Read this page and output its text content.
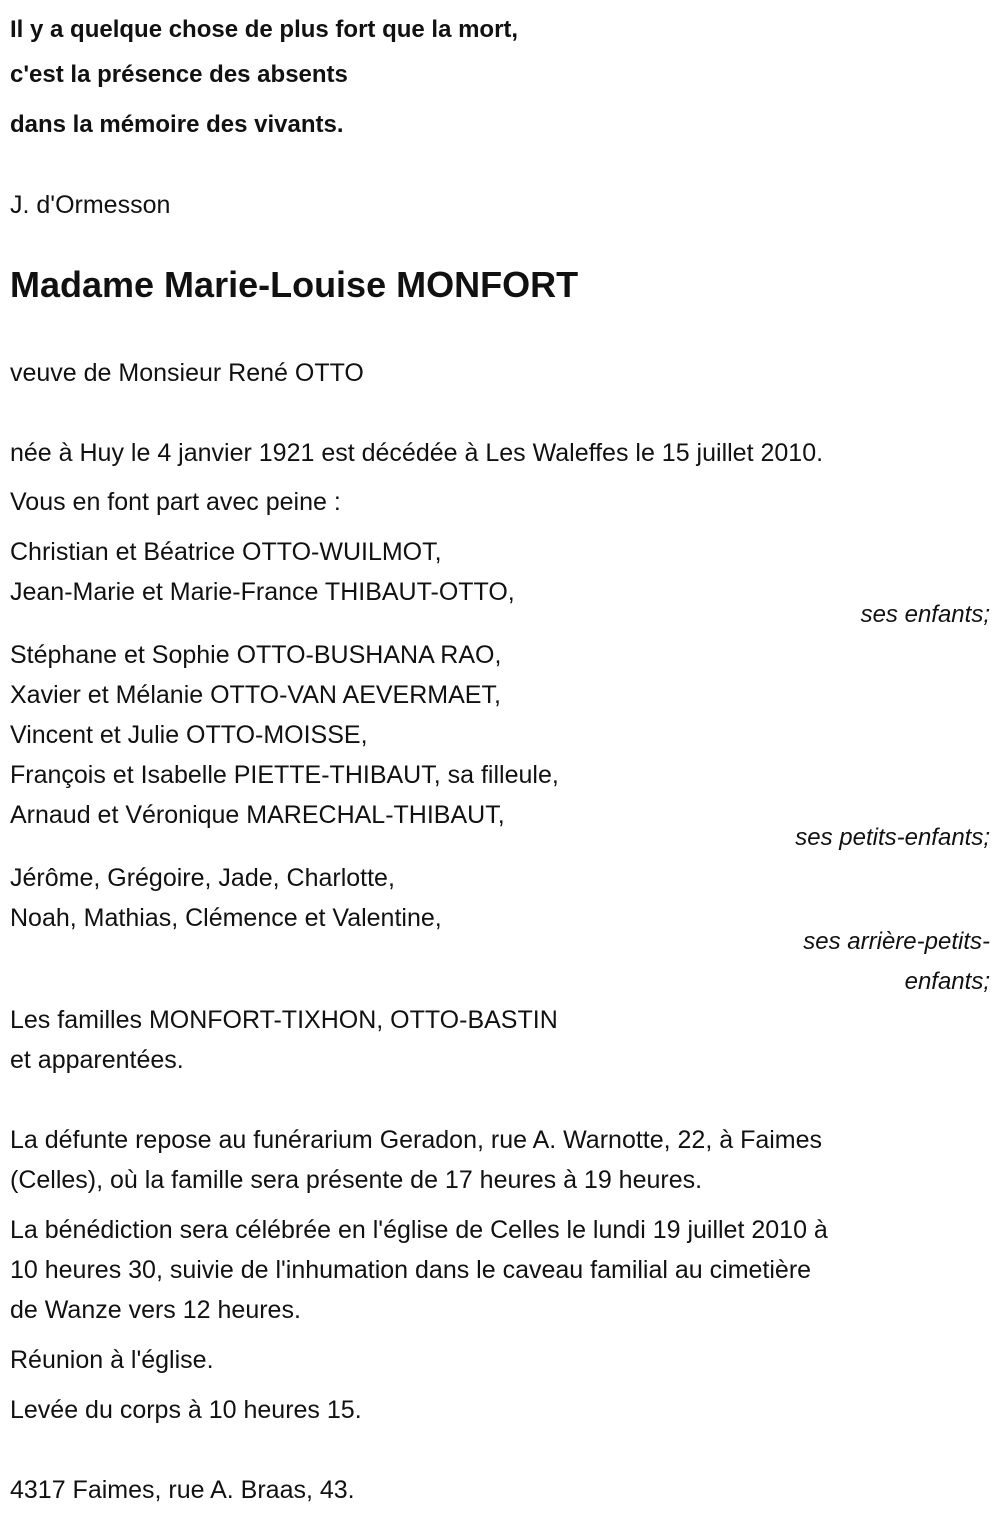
Il y a quelque chose de plus fort que la mort,
c'est la présence des absents
dans la mémoire des vivants.
J. d'Ormesson
Madame Marie-Louise MONFORT
veuve de Monsieur René OTTO
née à Huy le 4 janvier 1921 est décédée à Les Waleffes le 15 juillet 2010.
Vous en font part avec peine :
Christian et Béatrice OTTO-WUILMOT,
Jean-Marie et Marie-France THIBAUT-OTTO,
ses enfants;
Stéphane et Sophie OTTO-BUSHANA RAO,
Xavier et Mélanie OTTO-VAN AEVERMAET,
Vincent et Julie OTTO-MOISSE,
François et Isabelle PIETTE-THIBAUT, sa filleule,
Arnaud et Véronique MARECHAL-THIBAUT,
ses petits-enfants;
Jérôme, Grégoire, Jade, Charlotte,
Noah, Mathias, Clémence et Valentine,
ses arrière-petits-
enfants;
Les familles MONFORT-TIXHON, OTTO-BASTIN
et apparentées.
La défunte repose au funérarium Geradon, rue A. Warnotte, 22, à Faimes
(Celles), où la famille sera présente de 17 heures à 19 heures.
La bénédiction sera célébrée en l'église de Celles le lundi 19 juillet 2010 à
10 heures 30, suivie de l'inhumation dans le caveau familial au cimetière
de Wanze vers 12 heures.
Réunion à l'église.
Levée du corps à 10 heures 15.
4317 Faimes, rue A. Braas, 43.
